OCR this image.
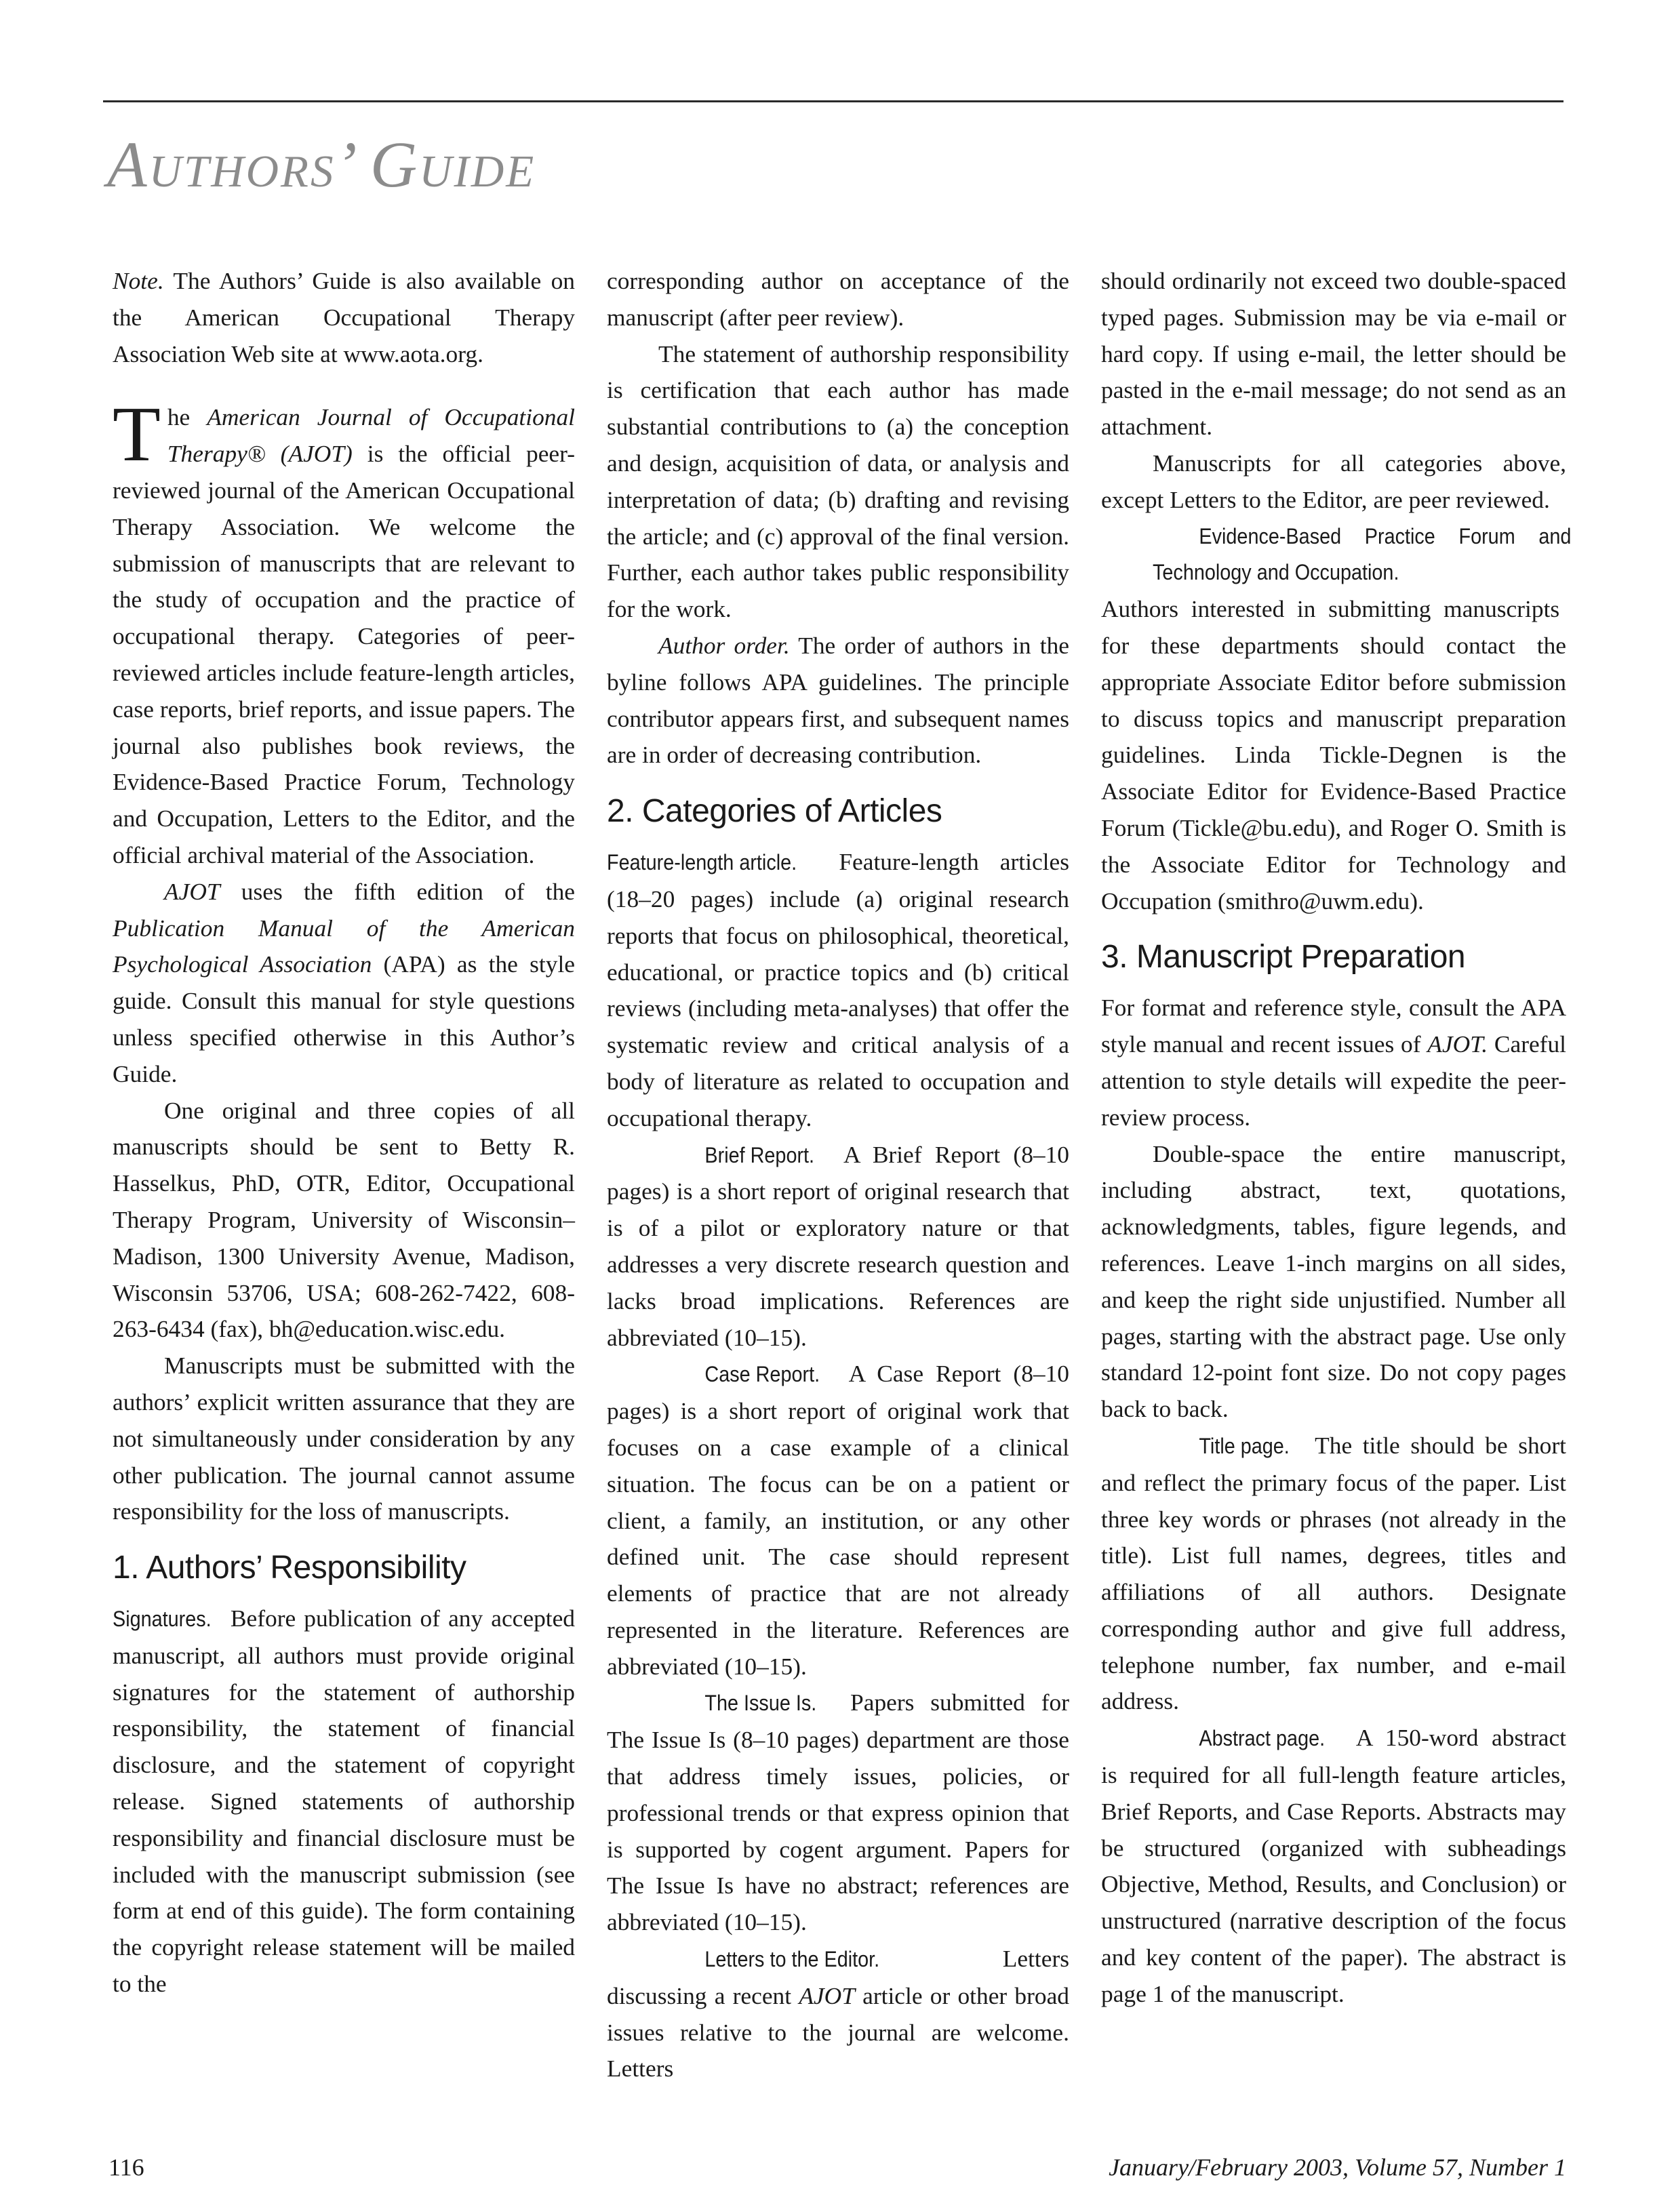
Authors’ Guide

Note. The Authors’ Guide is also available on the American Occupational Therapy Association Web site at www.aota.org.

The American Journal of Occupational Therapy® (AJOT) is the official peer-reviewed journal of the American Occupational Therapy Association. We welcome the submission of manuscripts that are relevant to the study of occupation and the practice of occupational therapy. Categories of peer-reviewed articles include feature-length articles, case reports, brief reports, and issue papers. The journal also publishes book reviews, the Evidence-Based Practice Forum, Technology and Occupation, Letters to the Editor, and the official archival material of the Association.

AJOT uses the fifth edition of the Publication Manual of the American Psychological Association (APA) as the style guide. Consult this manual for style questions unless specified otherwise in this Author’s Guide.

One original and three copies of all manuscripts should be sent to Betty R. Hasselkus, PhD, OTR, Editor, Occupational Therapy Program, University of Wisconsin–Madison, 1300 University Avenue, Madison, Wisconsin 53706, USA; 608-262-7422, 608-263-6434 (fax), bh@education.wisc.edu.

Manuscripts must be submitted with the authors’ explicit written assurance that they are not simultaneously under consideration by any other publication. The journal cannot assume responsibility for the loss of manuscripts.

1. Authors’ Responsibility

Signatures. Before publication of any accepted manuscript, all authors must provide original signatures for the statement of authorship responsibility, the statement of financial disclosure, and the statement of copyright release. Signed statements of authorship responsibility and financial disclosure must be included with the manuscript submission (see form at end of this guide). The form containing the copyright release statement will be mailed to the

corresponding author on acceptance of the manuscript (after peer review).

The statement of authorship responsibility is certification that each author has made substantial contributions to (a) the conception and design, acquisition of data, or analysis and interpretation of data; (b) drafting and revising the article; and (c) approval of the final version. Further, each author takes public responsibility for the work.

Author order. The order of authors in the byline follows APA guidelines. The principle contributor appears first, and subsequent names are in order of decreasing contribution.

2. Categories of Articles

Feature-length article. Feature-length articles (18–20 pages) include (a) original research reports that focus on philosophical, theoretical, educational, or practice topics and (b) critical reviews (including meta-analyses) that offer the systematic review and critical analysis of a body of literature as related to occupation and occupational therapy.

Brief Report. A Brief Report (8–10 pages) is a short report of original research that is of a pilot or exploratory nature or that addresses a very discrete research question and lacks broad implications. References are abbreviated (10–15).

Case Report. A Case Report (8–10 pages) is a short report of original work that focuses on a case example of a clinical situation. The focus can be on a patient or client, a family, an institution, or any other defined unit. The case should represent elements of practice that are not already represented in the literature. References are abbreviated (10–15).

The Issue Is. Papers submitted for The Issue Is (8–10 pages) department are those that address timely issues, policies, or professional trends or that express opinion that is supported by cogent argument. Papers for The Issue Is have no abstract; references are abbreviated (10–15).

Letters to the Editor. Letters discussing a recent AJOT article or other broad issues relative to the journal are welcome. Letters

should ordinarily not exceed two double-spaced typed pages. Submission may be via e-mail or hard copy. If using e-mail, the letter should be pasted in the e-mail message; do not send as an attachment.

Manuscripts for all categories above, except Letters to the Editor, are peer reviewed.

Evidence-Based Practice Forum and Technology and Occupation. Authors interested in submitting manuscripts for these departments should contact the appropriate Associate Editor before submission to discuss topics and manuscript preparation guidelines. Linda Tickle-Degnen is the Associate Editor for Evidence-Based Practice Forum (Tickle@bu.edu), and Roger O. Smith is the Associate Editor for Technology and Occupation (smithro@uwm.edu).

3. Manuscript Preparation

For format and reference style, consult the APA style manual and recent issues of AJOT. Careful attention to style details will expedite the peer-review process.

Double-space the entire manuscript, including abstract, text, quotations, acknowledgments, tables, figure legends, and references. Leave 1-inch margins on all sides, and keep the right side unjustified. Number all pages, starting with the abstract page. Use only standard 12-point font size. Do not copy pages back to back.

Title page. The title should be short and reflect the primary focus of the paper. List three key words or phrases (not already in the title). List full names, degrees, titles and affiliations of all authors. Designate corresponding author and give full address, telephone number, fax number, and e-mail address.

Abstract page. A 150-word abstract is required for all full-length feature articles, Brief Reports, and Case Reports. Abstracts may be structured (organized with subheadings Objective, Method, Results, and Conclusion) or unstructured (narrative description of the focus and key content of the paper). The abstract is page 1 of the manuscript.

116	January/February 2003, Volume 57, Number 1
